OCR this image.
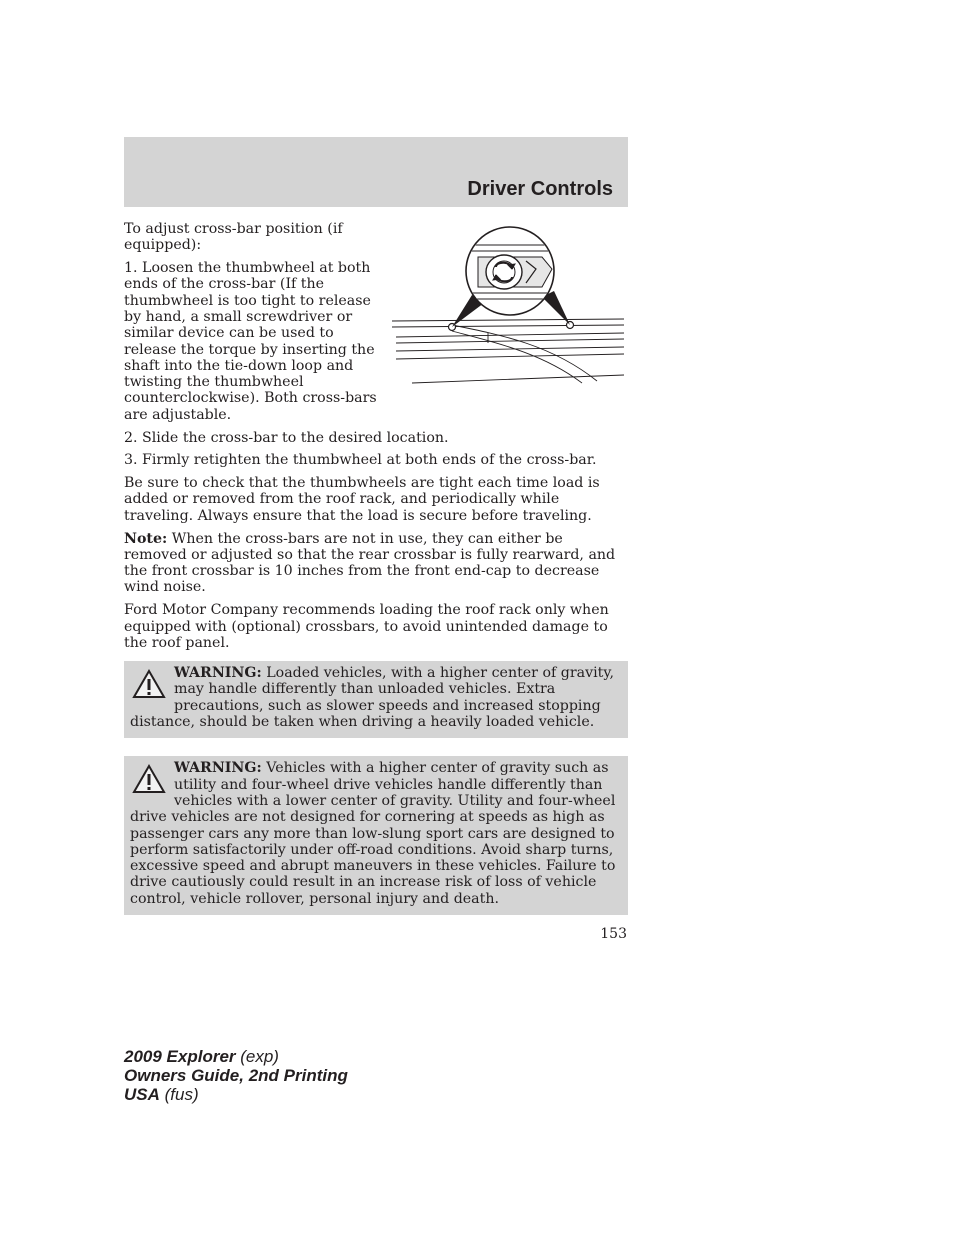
Driver Controls

To adjust cross-bar position (if equipped):

1. Loosen the thumbwheel at both ends of the cross-bar (If the thumbwheel is too tight to release by hand, a small screwdriver or similar device can be used to release the torque by inserting the shaft into the tie-down loop and twisting the thumbwheel counterclockwise). Both cross-bars are adjustable.

2. Slide the cross-bar to the desired location.

3. Firmly retighten the thumbwheel at both ends of the cross-bar.

Be sure to check that the thumbwheels are tight each time load is added or removed from the roof rack, and periodically while traveling. Always ensure that the load is secure before traveling.

Note: When the cross-bars are not in use, they can either be removed or adjusted so that the rear crossbar is fully rearward, and the front crossbar is 10 inches from the front end-cap to decrease wind noise.

Ford Motor Company recommends loading the roof rack only when equipped with (optional) crossbars, to avoid unintended damage to the roof panel.

WARNING: Loaded vehicles, with a higher center of gravity, may handle differently than unloaded vehicles. Extra precautions, such as slower speeds and increased stopping distance, should be taken when driving a heavily loaded vehicle.
WARNING: Vehicles with a higher center of gravity such as utility and four-wheel drive vehicles handle differently than vehicles with a lower center of gravity. Utility and four-wheel drive vehicles are not designed for cornering at speeds as high as passenger cars any more than low-slung sport cars are designed to perform satisfactorily under off-road conditions. Avoid sharp turns, excessive speed and abrupt maneuvers in these vehicles. Failure to drive cautiously could result in an increase risk of loss of vehicle control, vehicle rollover, personal injury and death.
153
2009 Explorer (exp)
Owners Guide, 2nd Printing
USA (fus)
